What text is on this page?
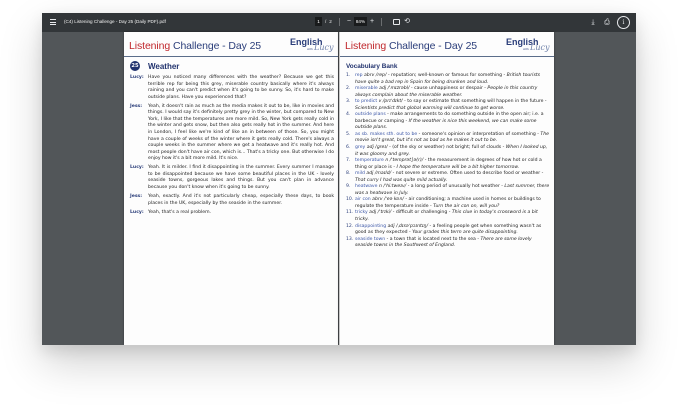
(C4) Listening Challenge - Day 25 (Daily PDF).pdf	1	/ 2 −	84% +	⟲	⤓	⎙	i
Listening Challenge - Day 25	English
with Lucy
25 Weather
Lucy: Have you noticed many differences with the weather? Because we get this terrible rep for being this grey, miserable country basically where it's always raining and you can't predict when it's going to be sunny. So, it's hard to make outside plans. Have you experienced that?
Jess:	Yeah, it doesn't rain as much as the media makes it out to be, like in movies and things. I would say it's definitely pretty grey in the winter, but compared to New York, I like that the temperatures are more mild. So, New York gets really cold in the winter and gets snow, but then also gets really hot in the summer. And here in London, I feel like we're kind of like an in between of those. So, you might have a couple of weeks of the winter where it gets really cold. There's always a couple weeks in the summer where we get a heatwave and it's really hot. And most people don't have air con, which is... That's a tricky one. But otherwise I do enjoy how it's a bit more mild. It's nice.
Lucy: Yeah. It is milder. I find it disappointing in the summer. Every summer I manage to be disappointed because we have some beautiful places in the UK - lovely seaside towns, gorgeous lakes and things. But you can't plan in advance because you don't know when it's going to be sunny.
Jess:	Yeah, exactly. And it's not particularly cheap, especially these days, to book places in the UK, especially by the seaside in the summer.
Lucy: Yeah, that's a real problem.
Listening Challenge - Day 25	English
with Lucy
Vocabulary Bank
1.	rep abrv /rep/ - reputation; well-known or famous for something - British tourists have quite a bad rep in Spain for being drunken and loud.
2.	miserable adj /ˈmɪzrəbl/ - cause unhappiness or despair - People in this country always complain about the miserable weather.
3.	to predict v /prɪˈdɪkt/ - to say or estimate that something will happen in the future - Scientists predict that global warming will continue to get worse.
4.	outside plans - make arrangements to do something outside in the open air; i.e. a barbecue or camping - If the weather is nice this weekend, we can make some outside plans.
5.	as sb. makes sth. out to be - someone's opinion or interpretation of something - The movie isn't great, but it's not as bad as he makes it out to be.
6.	grey adj /ɡreɪ/ - (of the sky or weather) not bright; full of clouds - When I looked up, it was gloomy and grey.
7.	temperature n /ˈtemprət∫ə(r)/ - the measurement in degrees of how hot or cold a thing or place is - I hope the temperature will be a bit higher tomorrow.
8.	mild adj /maɪld/ - not severe or extreme. Often used to describe food or weather - That curry I had was quite mild actually.
9.	heatwave n /ˈhiːtweɪv/ - a long period of unusually hot weather - Last summer, there was a heatwave in July.
10. air con abrv /ˈeə kɒn/ - air conditioning; a machine used in homes or buildings to regulate the temperature inside - Turn the air con on, will you?
11. tricky adj /ˈtrɪki/ - difficult or challenging - This clue in today's crossword is a bit tricky.
12. disappointing adj /ˌdɪsəˈpɔɪntɪŋ/ - a feeling people get when something wasn't as good as they expected - Your grades this term are quite disappointing.
13. seaside town - a town that is located next to the sea - There are some lovely seaside towns in the Southwest of England.
